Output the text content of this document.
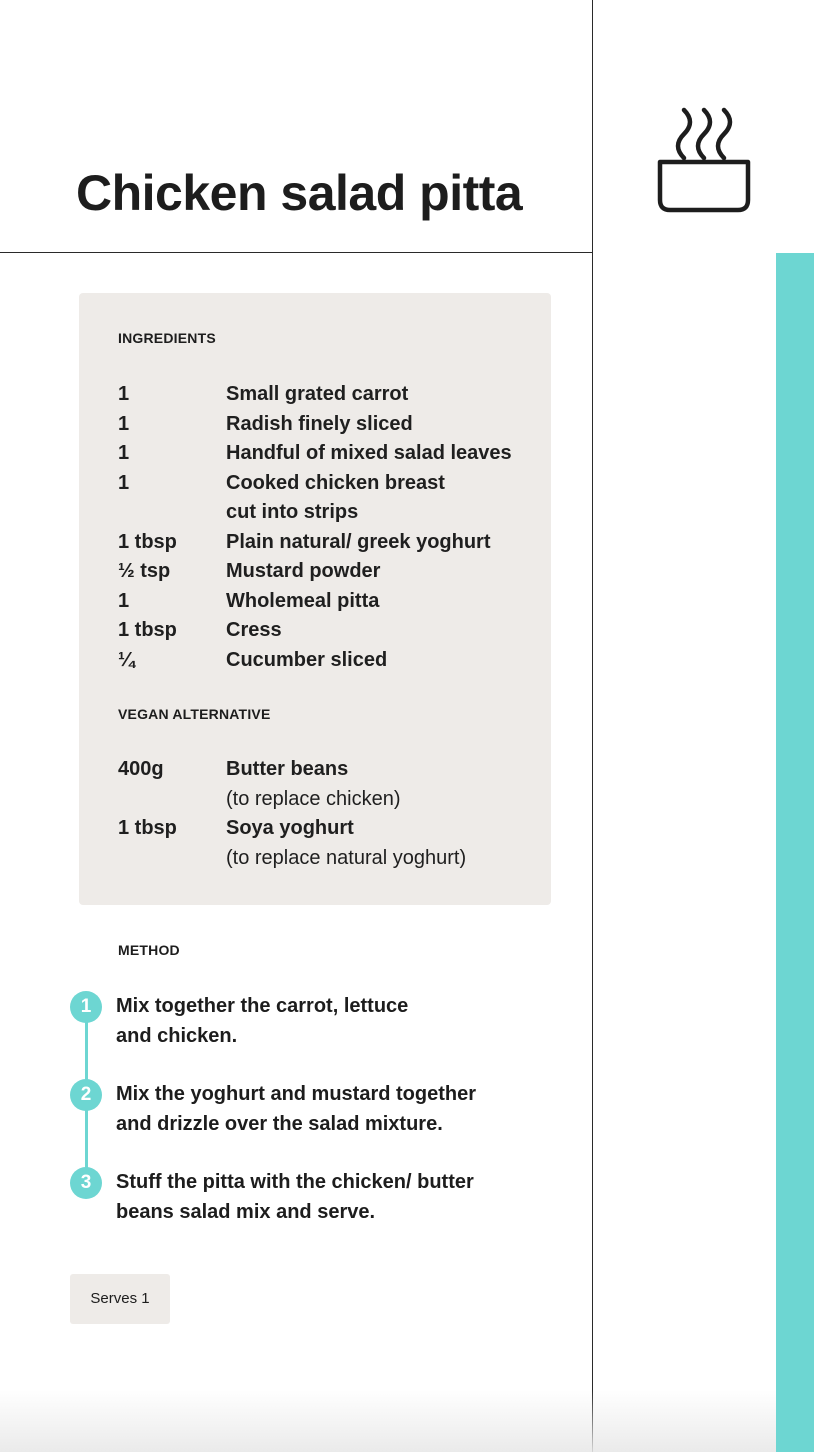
Chicken salad pitta
INGREDIENTS
1	Small grated carrot
1	Radish finely sliced
1	Handful of mixed salad leaves
1	Cooked chicken breast
cut into strips
1 tbsp Plain natural/ greek yoghurt
½ tsp	Mustard powder
1	Wholemeal pitta
1 tbsp Cress
¼	Cucumber sliced
VEGAN ALTERNATIVE
400g	Butter beans
(to replace chicken)
1 tbsp Soya yoghurt
(to replace natural yoghurt)
METHOD
1	Mix together the carrot, lettuce
and chicken.
2	Mix the yoghurt and mustard together
and drizzle over the salad mixture.
3	Stuff the pitta with the chicken/ butter
beans salad mix and serve.
Serves 1
